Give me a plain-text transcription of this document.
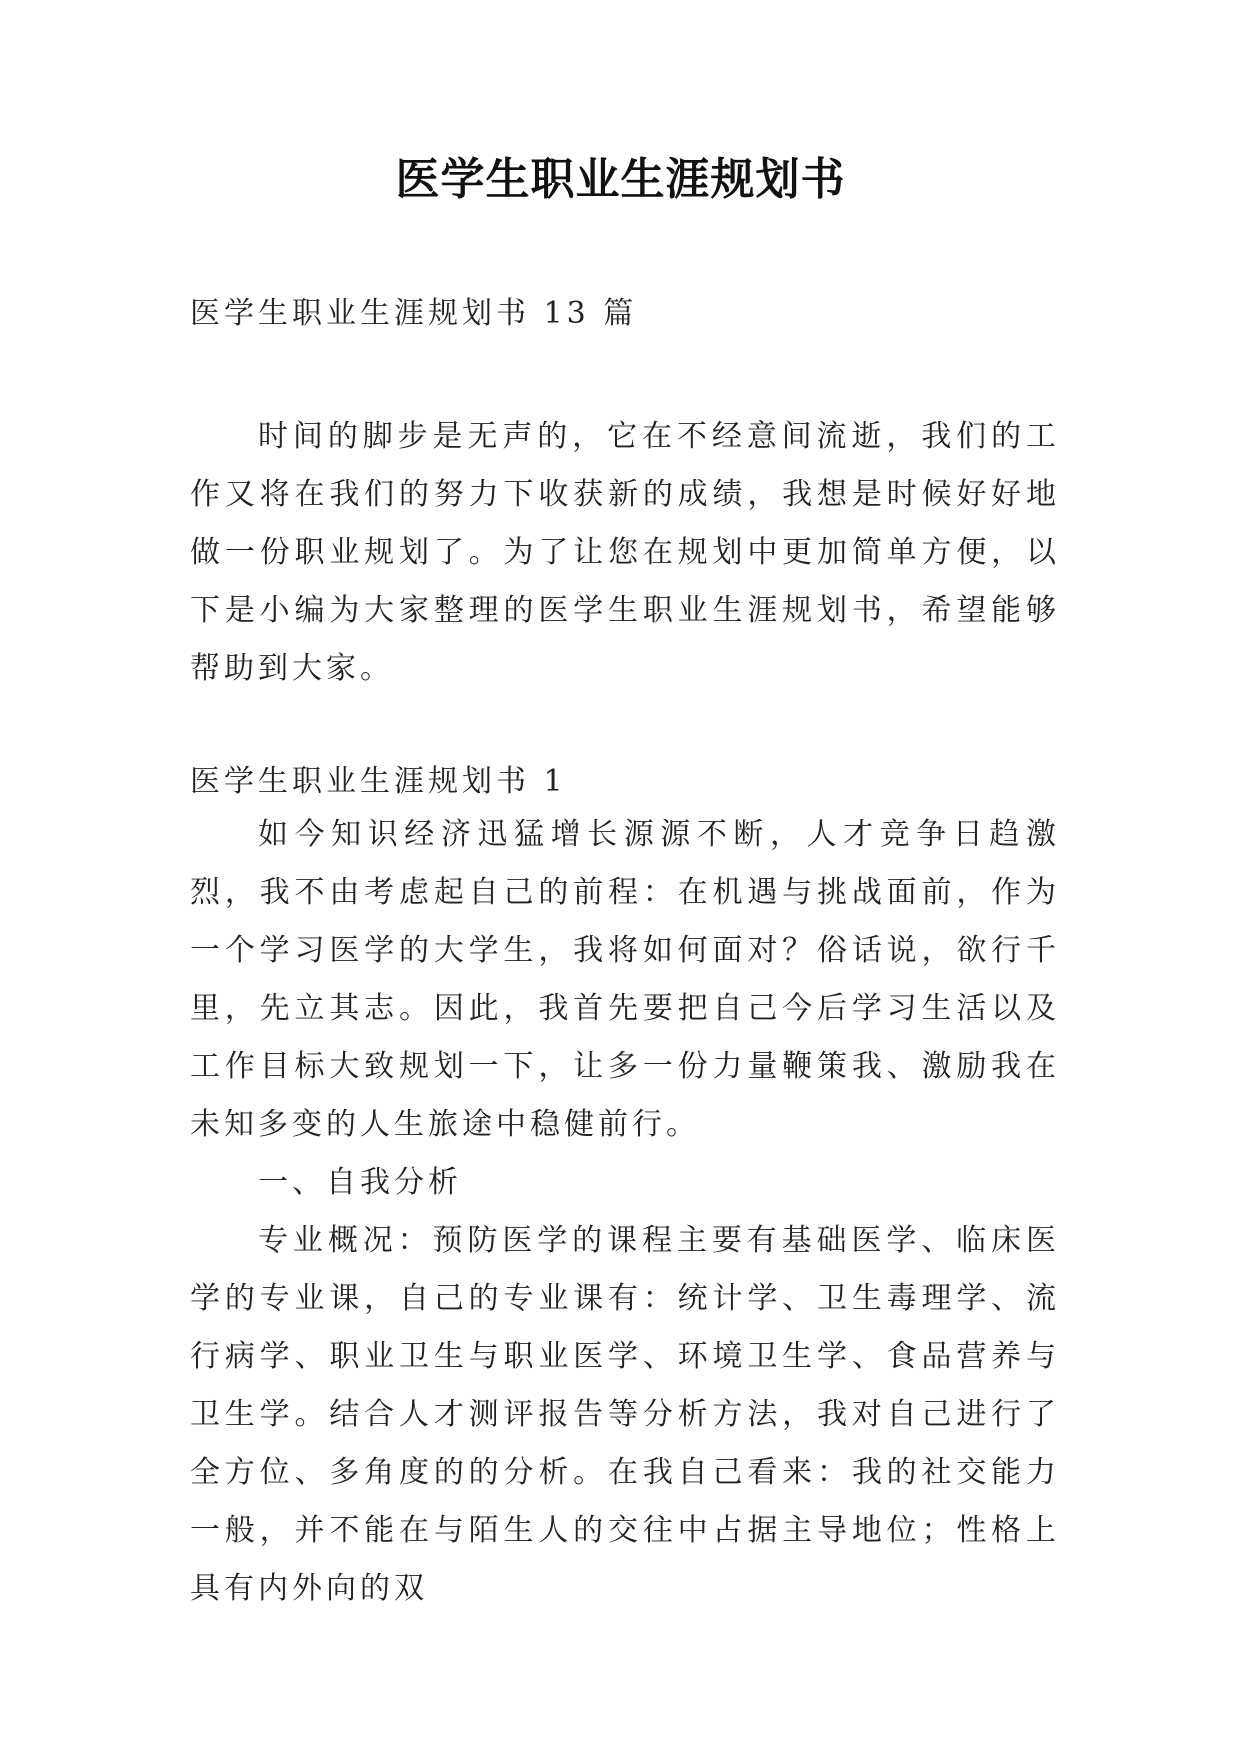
医学生职业生涯规划书
医学生职业生涯规划书 13 篇
时间的脚步是无声的，它在不经意间流逝，我们的工作又将在我们的努力下收获新的成绩，我想是时候好好地做一份职业规划了。为了让您在规划中更加简单方便，以下是小编为大家整理的医学生职业生涯规划书，希望能够帮助到大家。
医学生职业生涯规划书 1

如今知识经济迅猛增长源源不断，人才竞争日趋激烈，我不由考虑起自己的前程：在机遇与挑战面前，作为一个学习医学的大学生，我将如何面对？俗话说，欲行千里，先立其志。因此，我首先要把自己今后学习生活以及工作目标大致规划一下，让多一份力量鞭策我、激励我在未知多变的人生旅途中稳健前行。

一、自我分析

专业概况：预防医学的课程主要有基础医学、临床医学的专业课，自己的专业课有：统计学、卫生毒理学、流行病学、职业卫生与职业医学、环境卫生学、食品营养与卫生学。结合人才测评报告等分析方法，我对自己进行了全方位、多角度的的分析。在我自己看来：我的社交能力一般，并不能在与陌生人的交往中占据主导地位；性格上具有内外向的双
